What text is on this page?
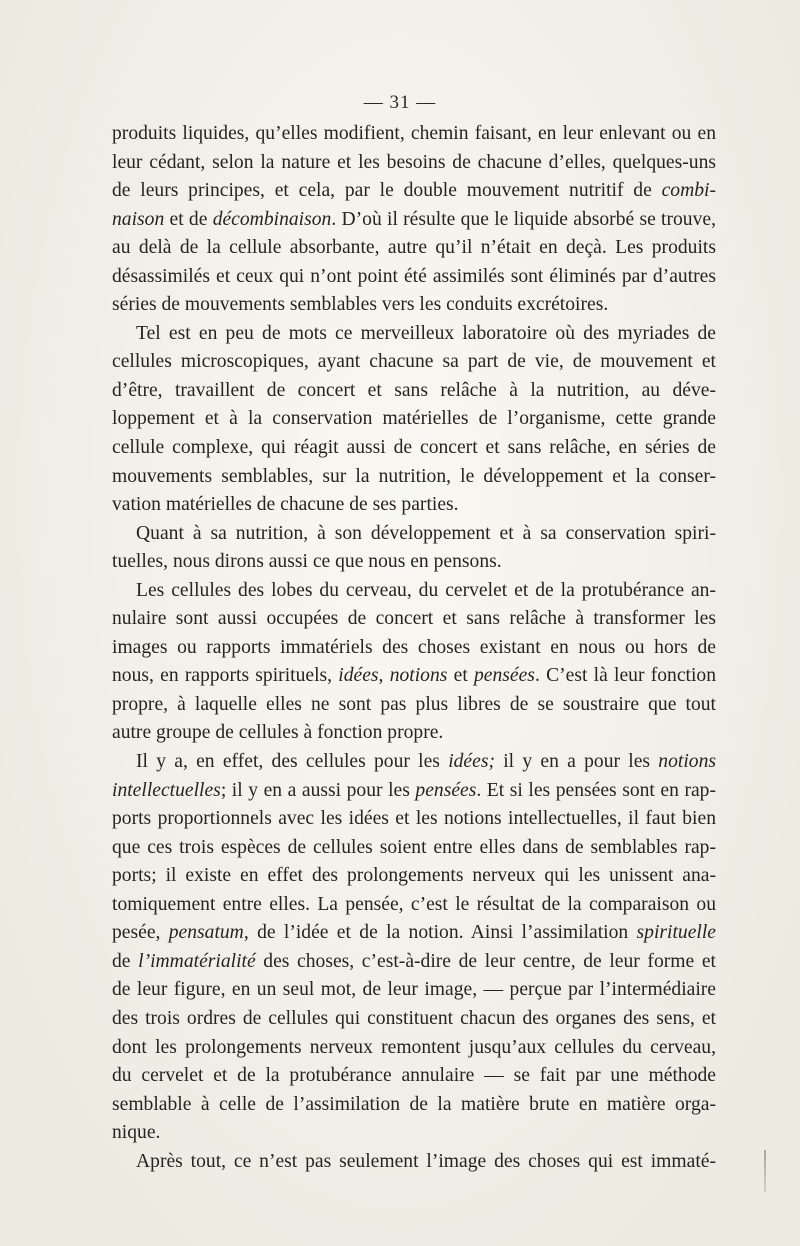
— 31 —
produits liquides, qu’elles modifient, chemin faisant, en leur enlevant ou en
leur cédant, selon la nature et les besoins de chacune d’elles, quelques-uns
de leurs principes, et cela, par le double mouvement nutritif de combi-
naison et de décombinaison. D’où il résulte que le liquide absorbé se trouve,
au delà de la cellule absorbante, autre qu’il n’était en deçà. Les produits
désassimilés et ceux qui n’ont point été assimilés sont éliminés par d’autres
séries de mouvements semblables vers les conduits excrétoires.
Tel est en peu de mots ce merveilleux laboratoire où des myriades de
cellules microscopiques, ayant chacune sa part de vie, de mouvement et
d’être, travaillent de concert et sans relâche à la nutrition, au déve-
loppement et à la conservation matérielles de l’organisme, cette grande
cellule complexe, qui réagit aussi de concert et sans relâche, en séries de
mouvements semblables, sur la nutrition, le développement et la conser-
vation matérielles de chacune de ses parties.
Quant à sa nutrition, à son développement et à sa conservation spiri-
tuelles, nous dirons aussi ce que nous en pensons.
Les cellules des lobes du cerveau, du cervelet et de la protubérance an-
nulaire sont aussi occupées de concert et sans relâche à transformer les
images ou rapports immatériels des choses existant en nous ou hors de
nous, en rapports spirituels, idées, notions et pensées. C’est là leur fonction
propre, à laquelle elles ne sont pas plus libres de se soustraire que tout
autre groupe de cellules à fonction propre.
Il y a, en effet, des cellules pour les idées; il y en a pour les notions
intellectuelles; il y en a aussi pour les pensées. Et si les pensées sont en rap-
ports proportionnels avec les idées et les notions intellectuelles, il faut bien
que ces trois espèces de cellules soient entre elles dans de semblables rap-
ports; il existe en effet des prolongements nerveux qui les unissent ana-
tomiquement entre elles. La pensée, c’est le résultat de la comparaison ou
pesée, pensatum, de l’idée et de la notion. Ainsi l’assimilation spirituelle
de l’immatérialité des choses, c’est-à-dire de leur centre, de leur forme et
de leur figure, en un seul mot, de leur image, — perçue par l’intermédiaire
des trois ordres de cellules qui constituent chacun des organes des sens, et
dont les prolongements nerveux remontent jusqu’aux cellules du cerveau,
du cervelet et de la protubérance annulaire — se fait par une méthode
semblable à celle de l’assimilation de la matière brute en matière orga-
nique.
Après tout, ce n’est pas seulement l’image des choses qui est immaté-
